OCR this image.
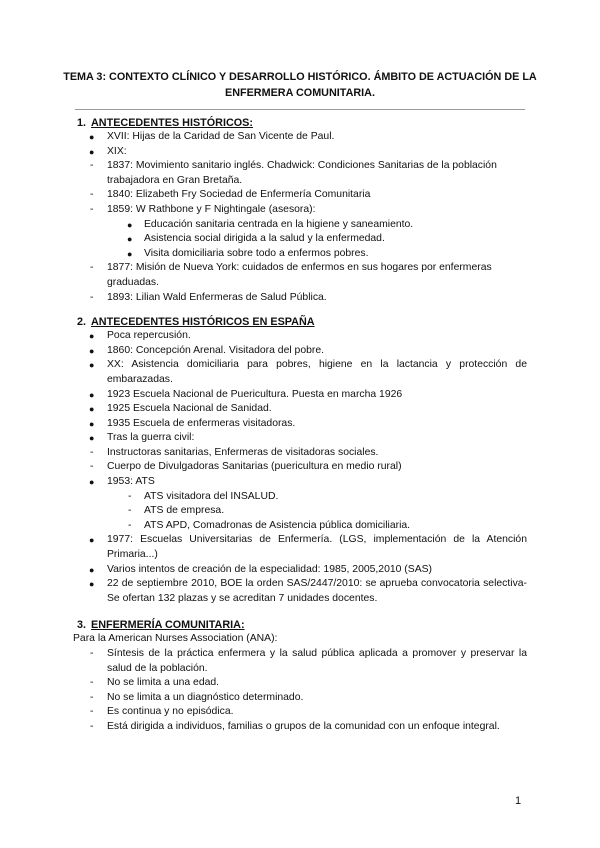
TEMA 3: CONTEXTO CLÍNICO Y DESARROLLO HISTÓRICO. ÁMBITO DE ACTUACIÓN DE LA ENFERMERA COMUNITARIA.
1. ANTECEDENTES HISTÓRICOS:
● XVII: Hijas de la Caridad de San Vicente de Paul.
● XIX:
- 1837: Movimiento sanitario inglés. Chadwick: Condiciones Sanitarias de la población trabajadora en Gran Bretaña.
- 1840: Elizabeth Fry Sociedad de Enfermería Comunitaria
- 1859: W Rathbone y F Nightingale (asesora):
● Educación sanitaria centrada en la higiene y saneamiento.
● Asistencia social dirigida a la salud y la enfermedad.
● Visita domiciliaria sobre todo a enfermos pobres.
- 1877: Misión de Nueva York: cuidados de enfermos en sus hogares por enfermeras graduadas.
- 1893: Lilian Wald Enfermeras de Salud Pública.
2. ANTECEDENTES HISTÓRICOS EN ESPAÑA
● Poca repercusión.
● 1860: Concepción Arenal. Visitadora del pobre.
● XX: Asistencia domiciliaria para pobres, higiene en la lactancia y protección de embarazadas.
● 1923 Escuela Nacional de Puericultura. Puesta en marcha 1926
● 1925 Escuela Nacional de Sanidad.
● 1935 Escuela de enfermeras visitadoras.
● Tras la guerra civil:
- Instructoras sanitarias, Enfermeras de visitadoras sociales.
- Cuerpo de Divulgadoras Sanitarias (puericultura en medio rural)
● 1953: ATS
- ATS visitadora del INSALUD.
- ATS de empresa.
- ATS APD, Comadronas de Asistencia pública domiciliaria.
● 1977: Escuelas Universitarias de Enfermería. (LGS, implementación de la Atención Primaria...)
● Varios intentos de creación de la especialidad: 1985, 2005,2010 (SAS)
● 22 de septiembre 2010, BOE la orden SAS/2447/2010: se aprueba convocatoria selectiva- Se ofertan 132 plazas y se acreditan 7 unidades docentes.
3. ENFERMERÍA COMUNITARIA:
Para la American Nurses Association (ANA):
- Síntesis de la práctica enfermera y la salud pública aplicada a promover y preservar la salud de la población.
- No se limita a una edad.
- No se limita a un diagnóstico determinado.
- Es continua y no episódica.
- Está dirigida a individuos, familias o grupos de la comunidad con un enfoque integral.
1
